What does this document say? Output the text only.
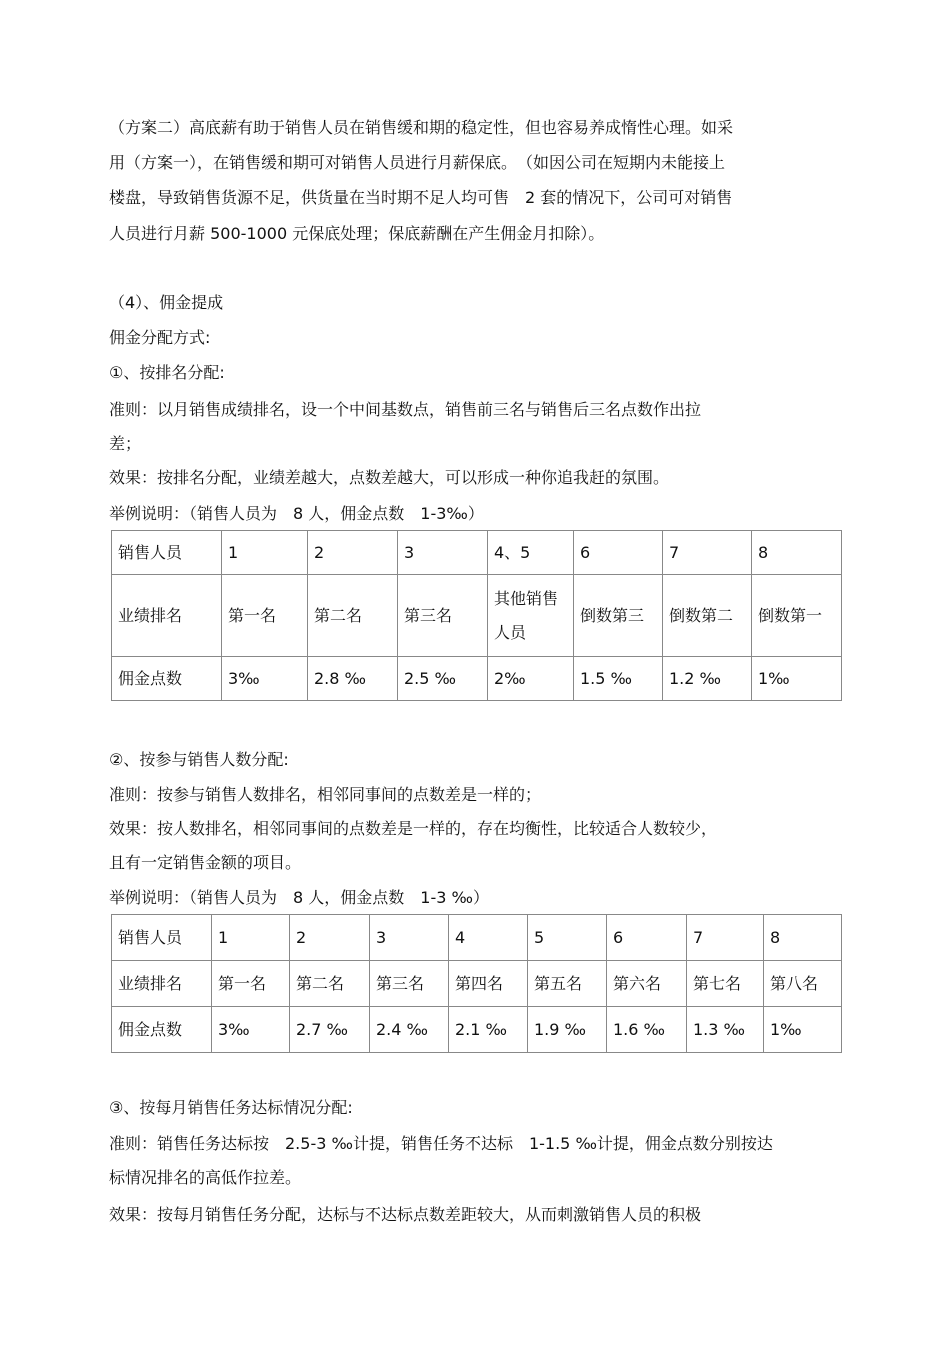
（方案二）高底薪有助于销售人员在销售缓和期的稳定性，但也容易养成惰性心理。如采
用（方案一），在销售缓和期可对销售人员进行月薪保底。　（如因公司在短期内未能接上
楼盘，导致销售货源不足，供货量在当时期不足人均可售　2 套的情况下，公司可对销售
人员进行月薪 500-1000 元保底处理；保底薪酬在产生佣金月扣除）。
（4）、佣金提成
佣金分配方式:
①、按排名分配:
准则：以月销售成绩排名，设一个中间基数点，销售前三名与销售后三名点数作出拉
差；
效果：按排名分配，业绩差越大，点数差越大，可以形成一种你追我赶的氛围。
举例说明：（销售人员为　8 人，佣金点数　1-3‰）
销售人员	1	2	3	4、5	6	7	8
业绩排名	第一名	第二名	第三名	其他销售人员	倒数第三	倒数第二	倒数第一
佣金点数	3‰	2.8 ‰	2.5 ‰	2‰	1.5 ‰	1.2 ‰	1‰
②、按参与销售人数分配:
准则：按参与销售人数排名，相邻同事间的点数差是一样的；
效果：按人数排名，相邻同事间的点数差是一样的，存在均衡性，比较适合人数较少，
且有一定销售金额的项目。
举例说明：（销售人员为　8 人，佣金点数　1-3 ‰）
销售人员	1	2	3	4	5	6	7	8
业绩排名	第一名	第二名	第三名	第四名	第五名	第六名	第七名	第八名
佣金点数	3‰	2.7 ‰	2.4 ‰	2.1 ‰	1.9 ‰	1.6 ‰	1.3 ‰	1‰
③、按每月销售任务达标情况分配:
准则：销售任务达标按　2.5-3 ‰计提，销售任务不达标　1-1.5 ‰计提，佣金点数分别按达
标情况排名的高低作拉差。
效果：按每月销售任务分配，达标与不达标点数差距较大，从而刺激销售人员的积极
